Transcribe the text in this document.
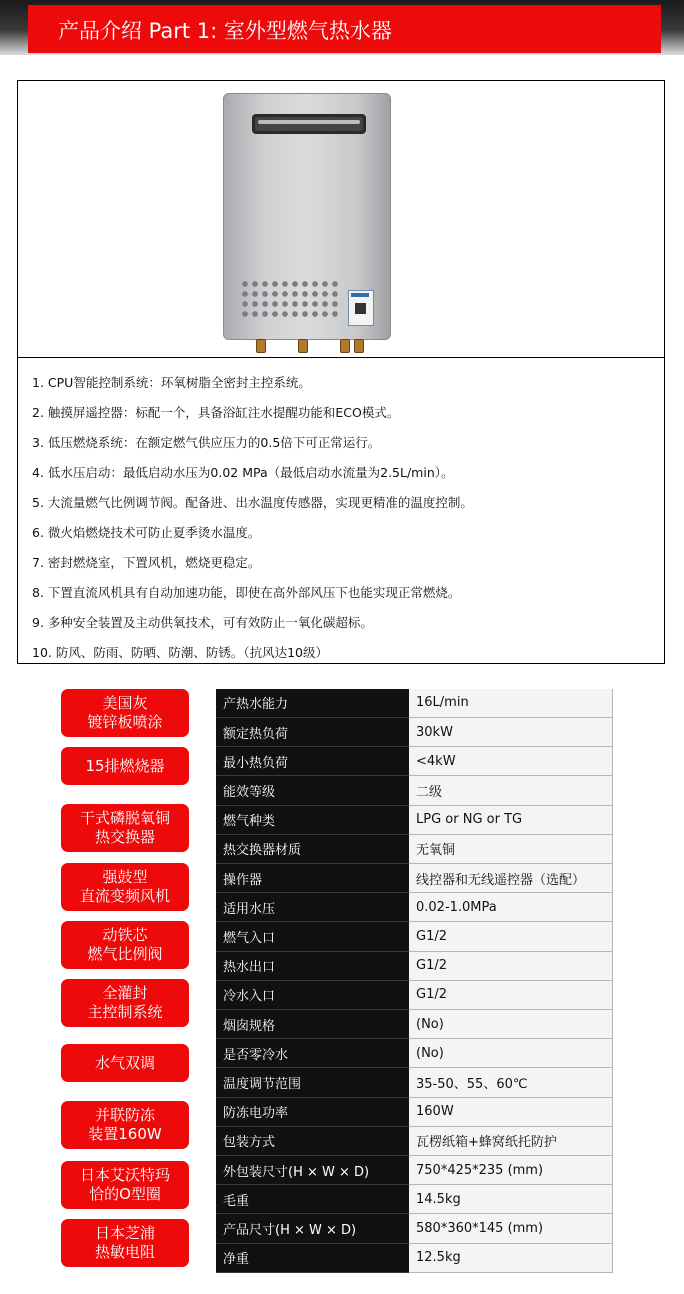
产品介绍 Part 1: 室外型燃气热水器
1. CPU智能控制系统：环氧树脂全密封主控系统。
2. 触摸屏遥控器：标配一个，具备浴缸注水提醒功能和ECO模式。
3. 低压燃烧系统：在额定燃气供应压力的0.5倍下可正常运行。
4. 低水压启动：最低启动水压为0.02 MPa（最低启动水流量为2.5L/min）。
5. 大流量燃气比例调节阀。配备进、出水温度传感器，实现更精准的温度控制。
6. 微火焰燃烧技术可防止夏季烫水温度。
7. 密封燃烧室，下置风机，燃烧更稳定。
8. 下置直流风机具有自动加速功能，即使在高外部风压下也能实现正常燃烧。
9. 多种安全装置及主动供氧技术，可有效防止一氧化碳超标。
10. 防风、防雨、防晒、防潮、防锈。（抗风达10级）
美国灰
镀锌板喷涂
15排燃烧器
干式磷脱氧铜
热交换器
强鼓型
直流变频风机
动铁芯
燃气比例阀
全灌封
主控制系统
水气双调
并联防冻
装置160W
日本艾沃特玛
恰的O型圈
日本芝浦
热敏电阻
产热水能力	16L/min
额定热负荷	30kW
最小热负荷	<4kW
能效等级	二级
燃气种类	LPG or NG or TG
热交换器材质	无氧铜
操作器	线控器和无线遥控器（选配）
适用水压	0.02-1.0MPa
燃气入口	G1/2
热水出口	G1/2
冷水入口	G1/2
烟囱规格	(No)
是否零冷水	(No)
温度调节范围	35-50、55、60℃
防冻电功率	160W
包装方式	瓦楞纸箱+蜂窝纸托防护
外包装尺寸(H × W × D)	750*425*235 (mm)
毛重	14.5kg
产品尺寸(H × W × D)	580*360*145 (mm)
净重	12.5kg
